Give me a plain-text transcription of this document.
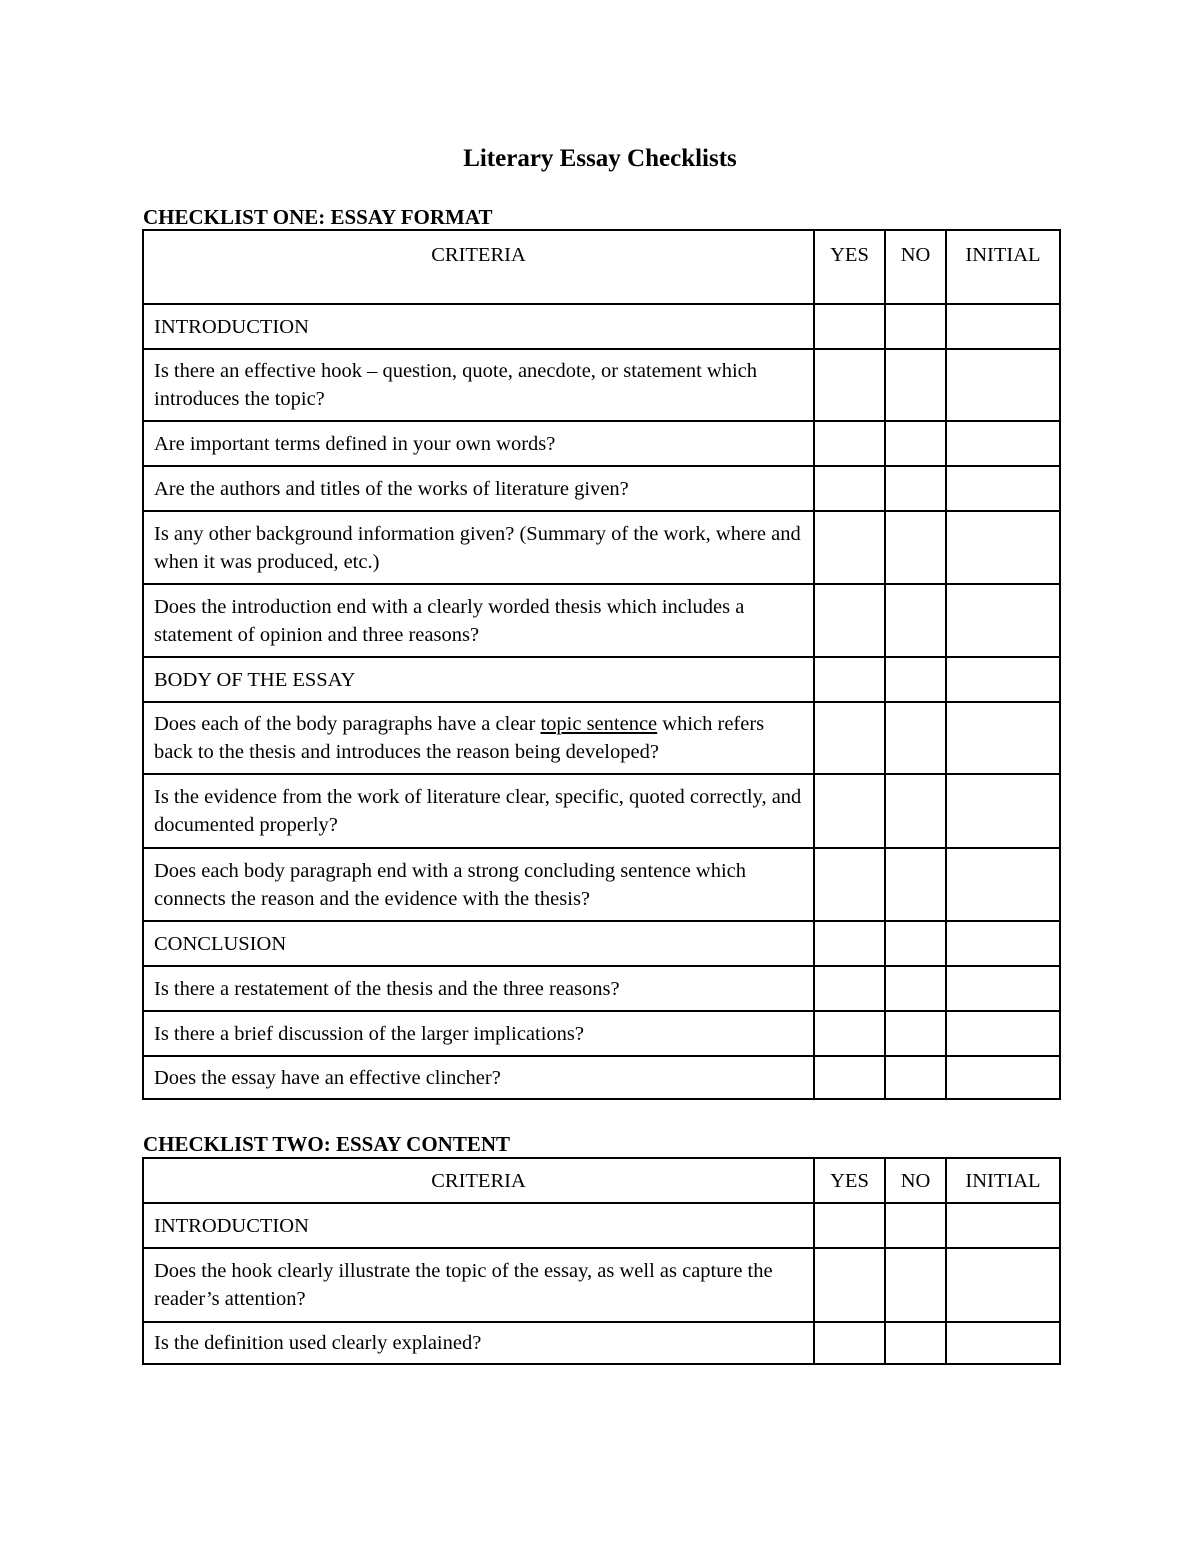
Literary Essay Checklists
CHECKLIST ONE: ESSAY FORMAT
CRITERIA	YES	NO	INITIAL
INTRODUCTION			
Is there an effective hook – question, quote, anecdote, or statement which introduces the topic?			
Are important terms defined in your own words?			
Are the authors and titles of the works of literature given?			
Is any other background information given? (Summary of the work, where and when it was produced, etc.)			
Does the introduction end with a clearly worded thesis which includes a statement of opinion and three reasons?			
BODY OF THE ESSAY			
Does each of the body paragraphs have a clear topic sentence which refers back to the thesis and introduces the reason being developed?			
Is the evidence from the work of literature clear, specific, quoted correctly, and documented properly?			
Does each body paragraph end with a strong concluding sentence which connects the reason and the evidence with the thesis?			
CONCLUSION			
Is there a restatement of the thesis and the three reasons?			
Is there a brief discussion of the larger implications?			
Does the essay have an effective clincher?			
CHECKLIST TWO: ESSAY CONTENT
CRITERIA	YES	NO	INITIAL
INTRODUCTION			
Does the hook clearly illustrate the topic of the essay, as well as capture the reader’s attention?			
Is the definition used clearly explained?			
